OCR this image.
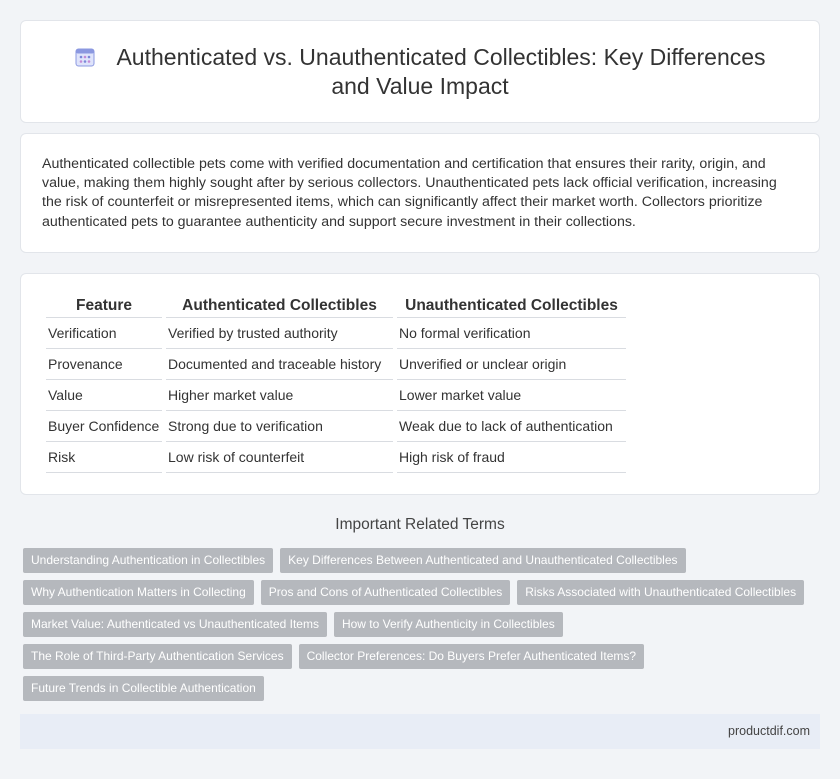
Authenticated vs. Unauthenticated Collectibles: Key Differences
and Value Impact

Authenticated collectible pets come with verified documentation and certification that ensures their rarity, origin, and value, making them highly sought after by serious collectors. Unauthenticated pets lack official verification, increasing the risk of counterfeit or misrepresented items, which can significantly affect their market worth. Collectors prioritize authenticated pets to guarantee authenticity and support secure investment in their collections.

Feature	Authenticated Collectibles	Unauthenticated Collectibles
Verification	Verified by trusted authority	No formal verification
Provenance	Documented and traceable history	Unverified or unclear origin
Value	Higher market value	Lower market value
Buyer Confidence	Strong due to verification	Weak due to lack of authentication
Risk	Low risk of counterfeit	High risk of fraud
Important Related Terms
Understanding Authentication in Collectibles	Key Differences Between Authenticated and Unauthenticated Collectibles
Why Authentication Matters in Collecting	Pros and Cons of Authenticated Collectibles	Risks Associated with Unauthenticated Collectibles
Market Value: Authenticated vs Unauthenticated Items	How to Verify Authenticity in Collectibles
The Role of Third-Party Authentication Services	Collector Preferences: Do Buyers Prefer Authenticated Items?
Future Trends in Collectible Authentication
productdif.com
